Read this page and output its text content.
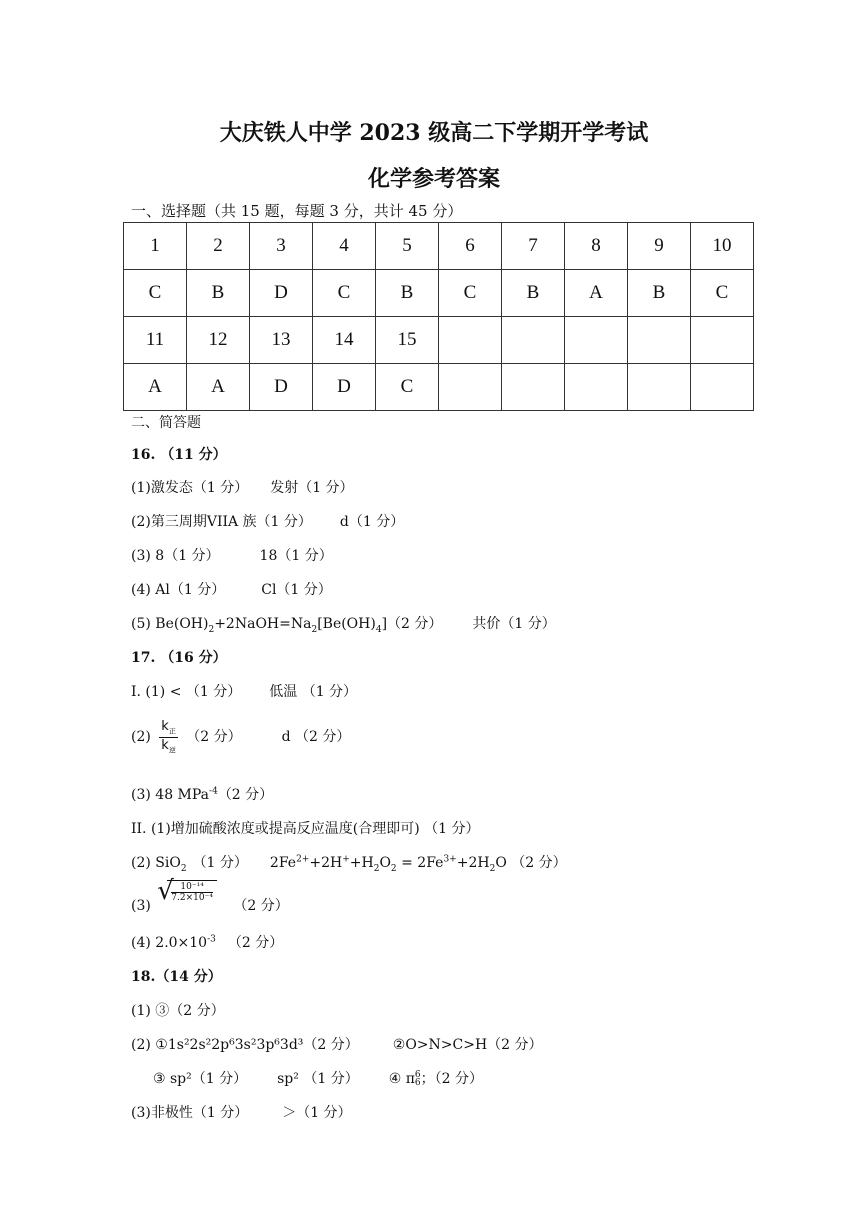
大庆铁人中学 2023 级高二下学期开学考试
化学参考答案
一、选择题（共 15 题，每题 3 分，共计 45 分）
1	2	3	4	5	6	7	8	9	10
C	B	D	C	B	C	B	A	B	C
11	12	13	14	15					
A	A	D	D	C					
二、简答题
16. （11 分）
(1)激发态（1 分） 发射（1 分）
(2)第三周期VIIA 族（1 分） d（1 分）
(3) 8（1 分）	18（1 分）
(4) Al（1 分）	Cl（1 分）
(5) $Be(OH)_2+2NaOH=Na_2[Be(OH)_4](2$ 分） 共价（1 分）
17. （16 分）
I. (1) < （1 分） 低温 （1 分）
$(2) \frac{k_正}{k_逆} (2$ 分）	d （2 分）
(3) 48 MPa$^{-4}$（2 分）
II. (1)增加硫酸浓度或提高反应温度(合理即可) （1 分）
(2) SiO$_2$ （1 分） $2Fe^{2+}+2H^++H_2O_2 = 2Fe^{3+}+2H_2O$ （2 分）
(3) √
$\frac{\text{10⁻¹⁴}}{\text{7.2×10⁻⁴}}$
（2 分）
(4) $2.0\times 10^{-3}$ （2 分）
18.（14 分）
(1) ③（2 分）
(2) ①1s²2s²2p⁶3s²3p⁶3d³（2 分） ②O>N>C>H（2 分）
③ sp²（1 分） sp² （1 分） ④ π 6
6 ；（2 分）
(3)非极性（1 分） ＞（1 分）
